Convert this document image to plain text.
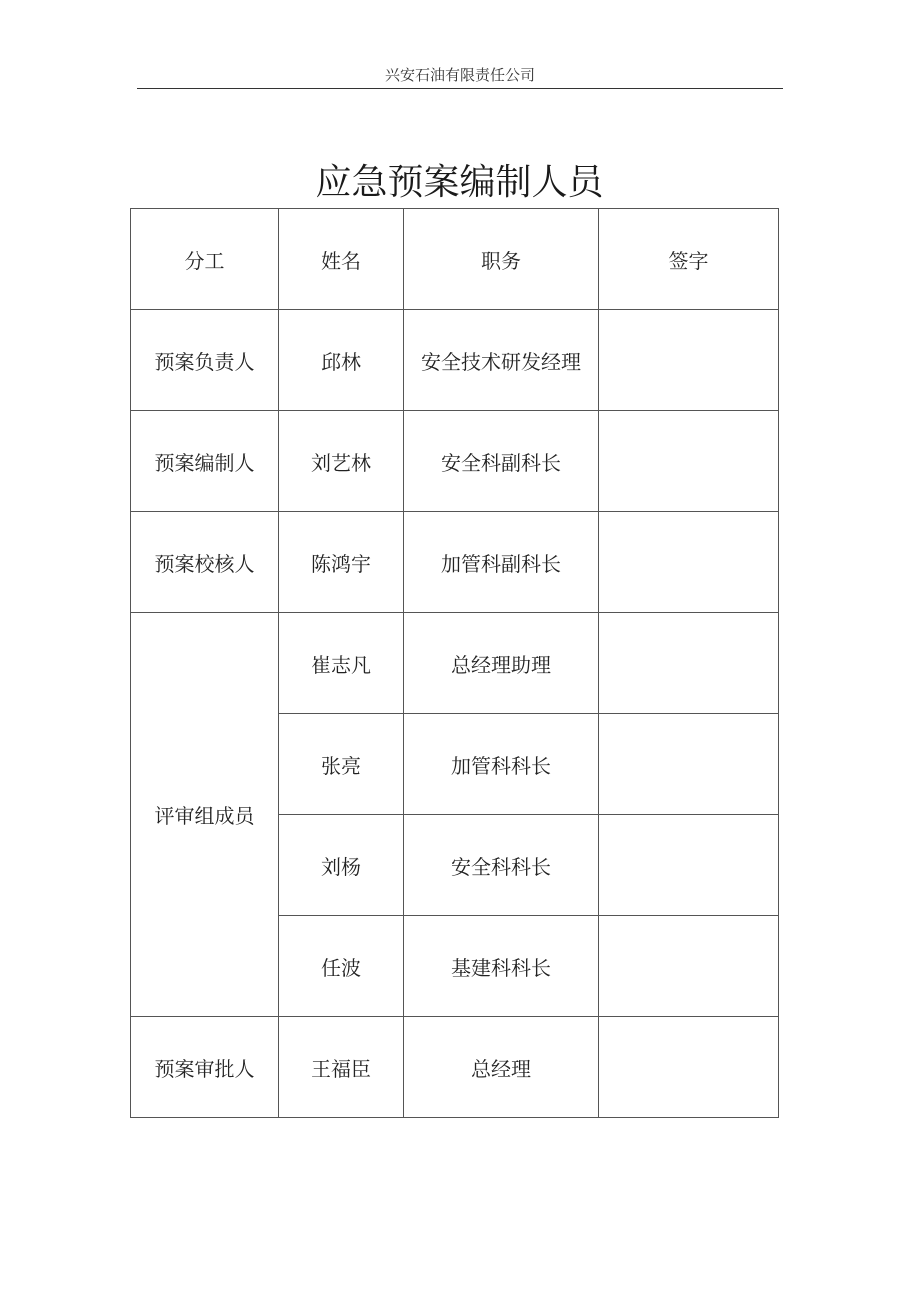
兴安石油有限责任公司
应急预案编制人员
分工	姓名	职务	签字
预案负责人	邱林	安全技术研发经理	
预案编制人	刘艺林	安全科副科长	
预案校核人	陈鸿宇	加管科副科长	
评审组成员	崔志凡	总经理助理	
	张亮	加管科科长	
	刘杨	安全科科长	
	任波	基建科科长	
预案审批人	王福臣	总经理	
